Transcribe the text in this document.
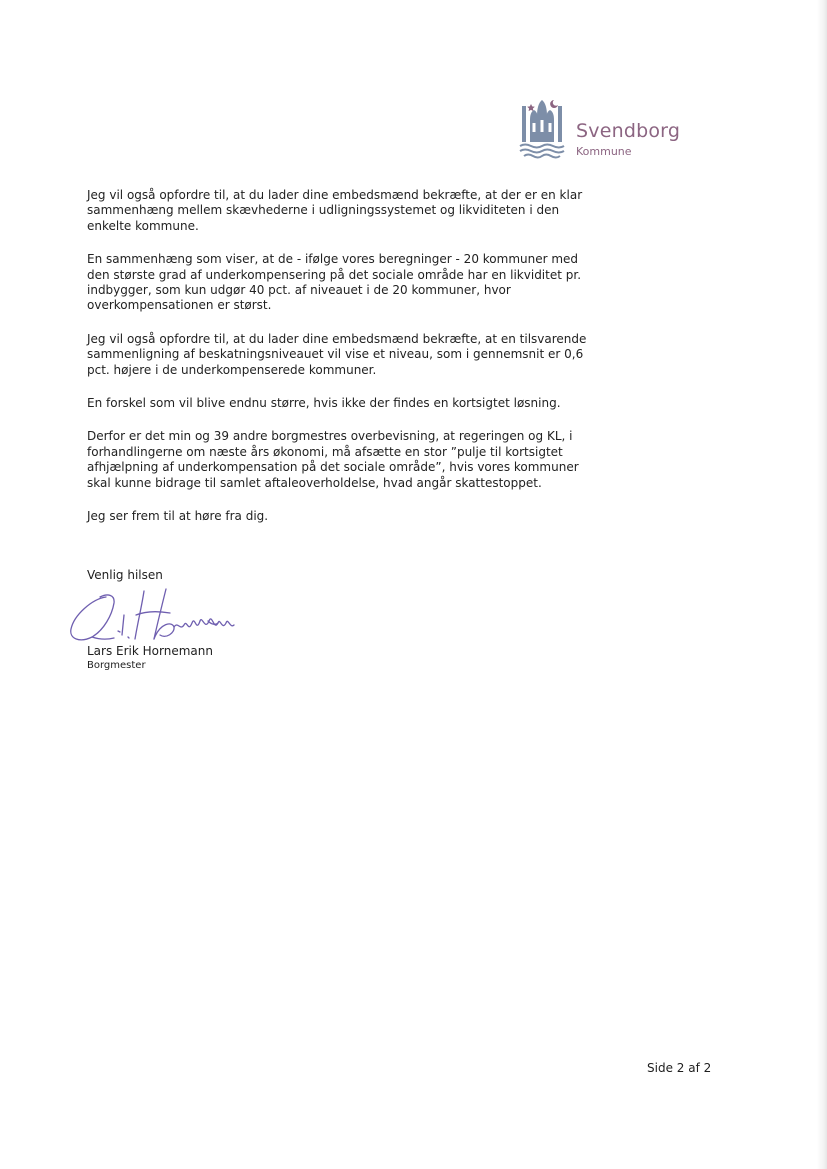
Svendborg
Kommune

Jeg vil også opfordre til, at du lader dine embedsmænd bekræfte, at der er en klar sammenhæng mellem skævhederne i udligningssystemet og likviditeten i den enkelte kommune.

En sammenhæng som viser, at de - ifølge vores beregninger - 20 kommuner med den største grad af underkompensering på det sociale område har en likviditet pr. indbygger, som kun udgør 40 pct. af niveauet i de 20 kommuner, hvor overkompensationen er størst.

Jeg vil også opfordre til, at du lader dine embedsmænd bekræfte, at en tilsvarende sammenligning af beskatningsniveauet vil vise et niveau, som i gennemsnit er 0,6 pct. højere i de underkompenserede kommuner.

En forskel som vil blive endnu større, hvis ikke der findes en kortsigtet løsning.

Derfor er det min og 39 andre borgmestres overbevisning, at regeringen og KL, i forhandlingerne om næste års økonomi, må afsætte en stor ”pulje til kortsigtet afhjælpning af underkompensation på det sociale område”, hvis vores kommuner skal kunne bidrage til samlet aftaleoverholdelse, hvad angår skattestoppet.

Jeg ser frem til at høre fra dig.

Venlig hilsen
Lars Erik Hornemann
Borgmester
Side 2 af 2
